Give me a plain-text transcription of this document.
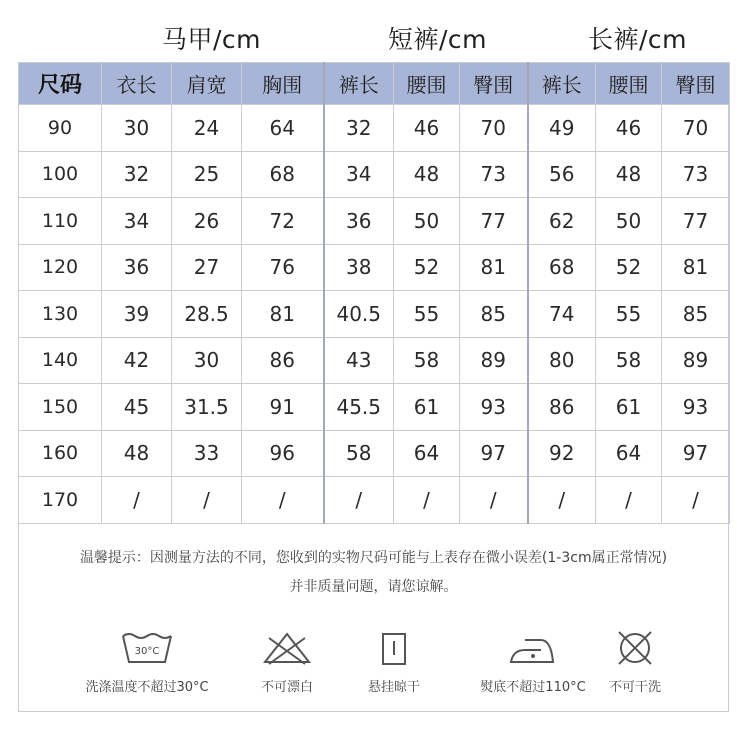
马甲/cm	短裤/cm	长裤/cm
尺码	衣长	肩宽	胸围	裤长	腰围	臀围	裤长	腰围	臀围
90	30	24	64	32	46	70	49	46	70
100	32	25	68	34	48	73	56	48	73
110	34	26	72	36	50	77	62	50	77
120	36	27	76	38	52	81	68	52	81
130	39	28.5	81	40.5	55	85	74	55	85
140	42	30	86	43	58	89	80	58	89
150	45	31.5	91	45.5	61	93	86	61	93
160	48	33	96	58	64	97	92	64	97
170	/	/	/	/	/	/	/	/	/
温馨提示：因测量方法的不同，您收到的实物尺码可能与上表存在微小误差(1-3cm属正常情况)
并非质量问题，请您谅解。
30°C
洗涤温度不超过30°C	不可漂白	悬挂晾干	熨底不超过110°C	不可干洗
